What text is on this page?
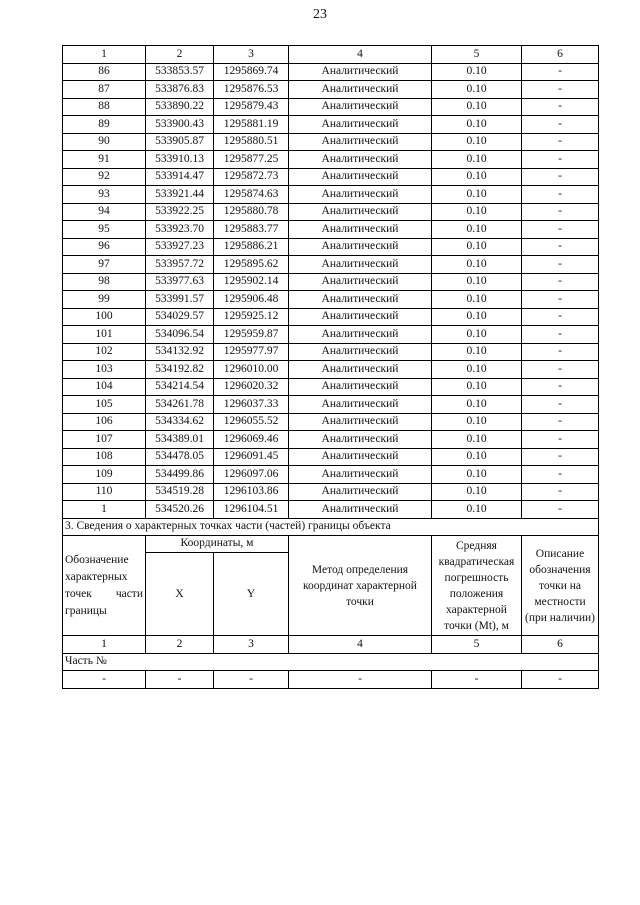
23
1	2	3	4	5	6
86	533853.57	1295869.74	Аналитический	0.10	-
87	533876.83	1295876.53	Аналитический	0.10	-
88	533890.22	1295879.43	Аналитический	0.10	-
89	533900.43	1295881.19	Аналитический	0.10	-
90	533905.87	1295880.51	Аналитический	0.10	-
91	533910.13	1295877.25	Аналитический	0.10	-
92	533914.47	1295872.73	Аналитический	0.10	-
93	533921.44	1295874.63	Аналитический	0.10	-
94	533922.25	1295880.78	Аналитический	0.10	-
95	533923.70	1295883.77	Аналитический	0.10	-
96	533927.23	1295886.21	Аналитический	0.10	-
97	533957.72	1295895.62	Аналитический	0.10	-
98	533977.63	1295902.14	Аналитический	0.10	-
99	533991.57	1295906.48	Аналитический	0.10	-
100	534029.57	1295925.12	Аналитический	0.10	-
101	534096.54	1295959.87	Аналитический	0.10	-
102	534132.92	1295977.97	Аналитический	0.10	-
103	534192.82	1296010.00	Аналитический	0.10	-
104	534214.54	1296020.32	Аналитический	0.10	-
105	534261.78	1296037.33	Аналитический	0.10	-
106	534334.62	1296055.52	Аналитический	0.10	-
107	534389.01	1296069.46	Аналитический	0.10	-
108	534478.05	1296091.45	Аналитический	0.10	-
109	534499.86	1296097.06	Аналитический	0.10	-
110	534519.28	1296103.86	Аналитический	0.10	-
1	534520.26	1296104.51	Аналитический	0.10	-
3. Сведения о характерных точках части (частей) границы объекта					

Обозначение
характерных
точек части
границы	Координаты, м		Метод определения координат характерной точки	Средняя квадратическая погрешность положения характерной точки (Mt), м	Описание обозначения точки на местности (при наличии)
	X	Y			
1	2	3	4	5	6
Часть №					
-	-	-	-	-	-
